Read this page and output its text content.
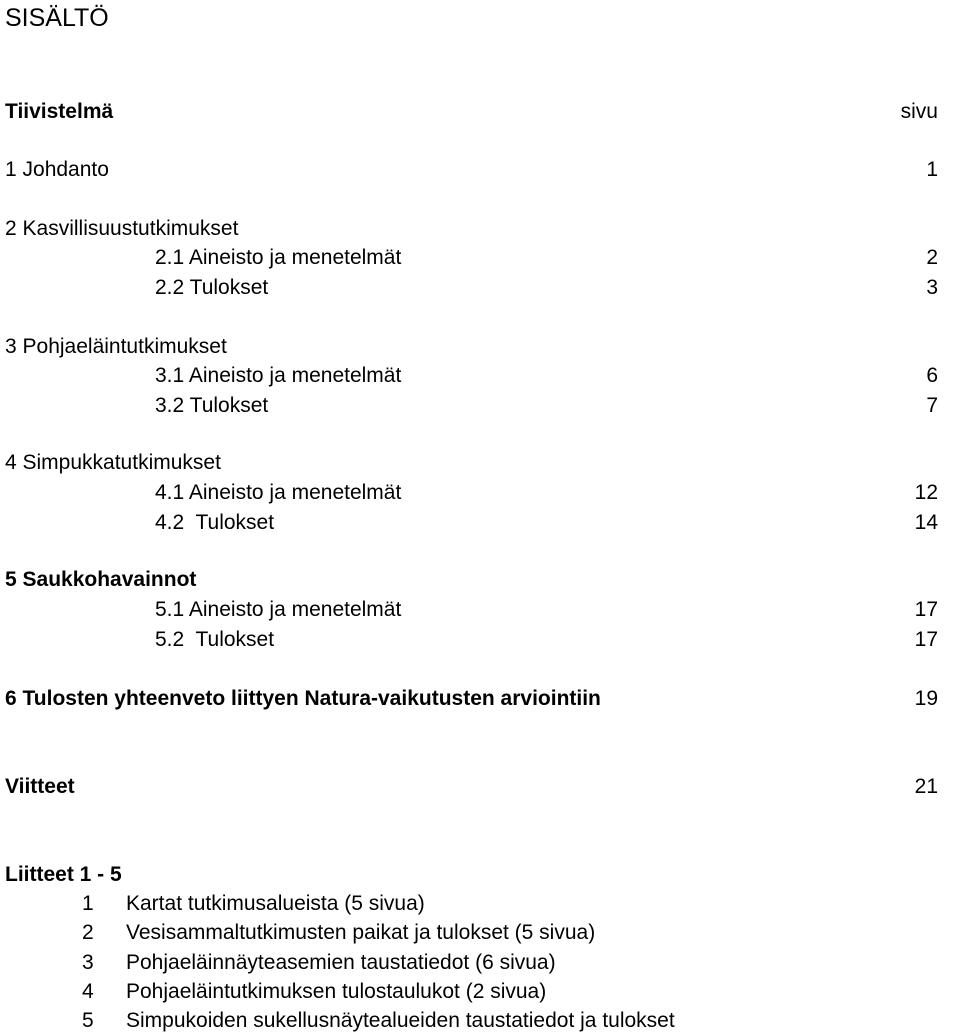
SISÄLTÖ
Tiivistelmä	sivu
1 Johdanto	1
2 Kasvillisuustutkimukset
2.1 Aineisto ja menetelmät	2
2.2 Tulokset	3
3 Pohjaeläintutkimukset
3.1 Aineisto ja menetelmät	6
3.2 Tulokset	7
4 Simpukkatutkimukset
4.1 Aineisto ja menetelmät	12
4.2  Tulokset	14
5 Saukkohavainnot
5.1 Aineisto ja menetelmät	17
5.2  Tulokset	17
6 Tulosten yhteenveto liittyen Natura-vaikutusten arviointiin	19
Viitteet	21
Liitteet 1 - 5
1 Kartat tutkimusalueista (5 sivua)
2 Vesisammaltutkimusten paikat ja tulokset (5 sivua)
3 Pohjaeläinnäyteasemien taustatiedot (6 sivua)
4 Pohjaeläintutkimuksen tulostaulukot (2 sivua)
5 Simpukoiden sukellusnäytealueiden taustatiedot ja tulokset
